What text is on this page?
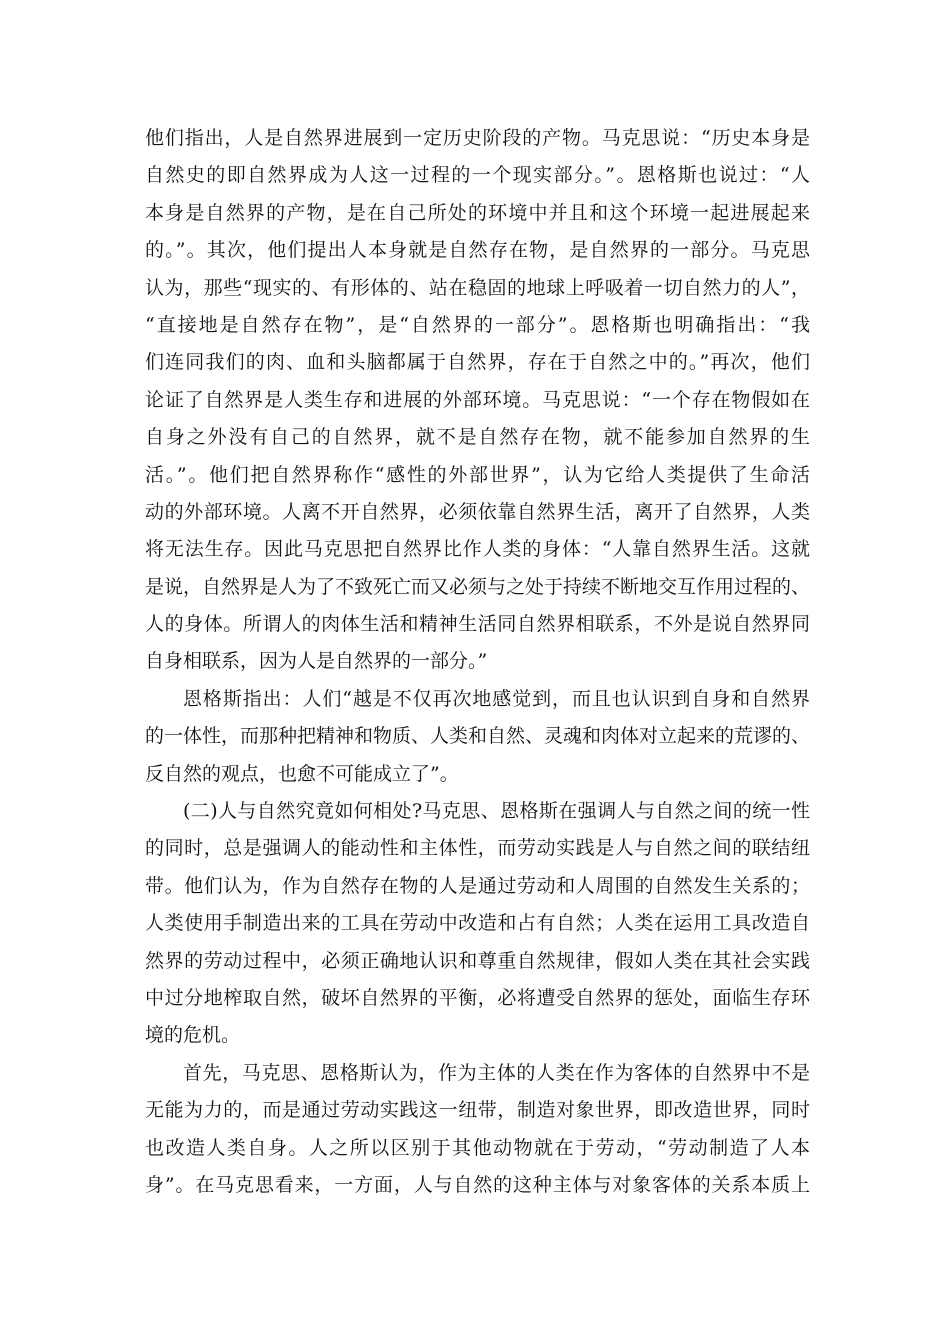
他们指出，人是自然界进展到一定历史阶段的产物。马克思说：“历史本身是
自然史的即自然界成为人这一过程的一个现实部分。”。恩格斯也说过：“人
本身是自然界的产物，是在自己所处的环境中并且和这个环境一起进展起来
的。”。其次，他们提出人本身就是自然存在物，是自然界的一部分。马克思
认为，那些“现实的、有形体的、站在稳固的地球上呼吸着一切自然力的人”，
“直接地是自然存在物”，是“自然界的一部分”。恩格斯也明确指出：“我
们连同我们的肉、血和头脑都属于自然界，存在于自然之中的。”再次，他们
论证了自然界是人类生存和进展的外部环境。马克思说：“一个存在物假如在
自身之外没有自己的自然界，就不是自然存在物，就不能参加自然界的生
活。”。他们把自然界称作“感性的外部世界”，认为它给人类提供了生命活
动的外部环境。人离不开自然界，必须依靠自然界生活，离开了自然界，人类
将无法生存。因此马克思把自然界比作人类的身体：“人靠自然界生活。这就
是说，自然界是人为了不致死亡而又必须与之处于持续不断地交互作用过程的、
人的身体。所谓人的肉体生活和精神生活同自然界相联系，不外是说自然界同
自身相联系，因为人是自然界的一部分。”
恩格斯指出：人们“越是不仅再次地感觉到，而且也认识到自身和自然界
的一体性，而那种把精神和物质、人类和自然、灵魂和肉体对立起来的荒谬的、
反自然的观点，也愈不可能成立了”。
(二)人与自然究竟如何相处?马克思、恩格斯在强调人与自然之间的统一性
的同时，总是强调人的能动性和主体性，而劳动实践是人与自然之间的联结纽
带。他们认为，作为自然存在物的人是通过劳动和人周围的自然发生关系的；
人类使用手制造出来的工具在劳动中改造和占有自然；人类在运用工具改造自
然界的劳动过程中，必须正确地认识和尊重自然规律，假如人类在其社会实践
中过分地榨取自然，破坏自然界的平衡，必将遭受自然界的惩处，面临生存环
境的危机。
首先，马克思、恩格斯认为，作为主体的人类在作为客体的自然界中不是
无能为力的，而是通过劳动实践这一纽带，制造对象世界，即改造世界，同时
也改造人类自身。人之所以区别于其他动物就在于劳动，“劳动制造了人本
身”。在马克思看来，一方面，人与自然的这种主体与对象客体的关系本质上
